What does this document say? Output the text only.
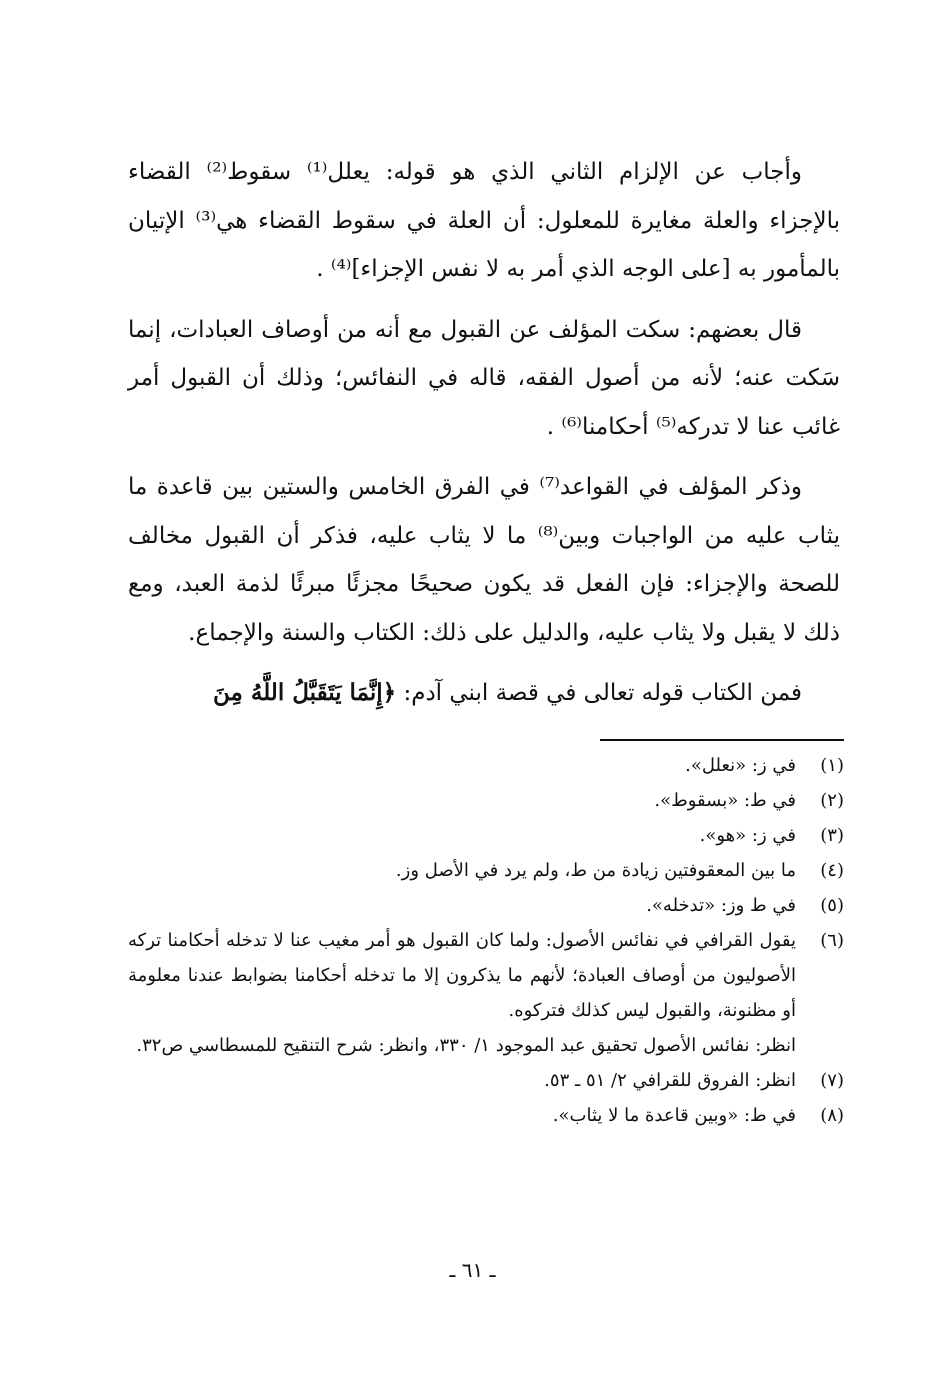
وأجاب عن الإلزام الثاني الذي هو قوله: يعلل⁽¹⁾ سقوط⁽²⁾ القضاء بالإجزاء والعلة مغايرة للمعلول: أن العلة في سقوط القضاء هي⁽³⁾ الإتيان بالمأمور به [على الوجه الذي أمر به لا نفس الإجزاء]⁽⁴⁾ .

قال بعضهم: سكت المؤلف عن القبول مع أنه من أوصاف العبادات، إنما سَكت عنه؛ لأنه من أصول الفقه، قاله في النفائس؛ وذلك أن القبول أمر غائب عنا لا تدركه⁽⁵⁾ أحكامنا⁽⁶⁾ .

وذكر المؤلف في القواعد⁽⁷⁾ في الفرق الخامس والستين بين قاعدة ما يثاب عليه من الواجبات وبين⁽⁸⁾ ما لا يثاب عليه، فذكر أن القبول مخالف للصحة والإجزاء: فإن الفعل قد يكون صحيحًا مجزئًا مبرئًا لذمة العبد، ومع ذلك لا يقبل ولا يثاب عليه، والدليل على ذلك: الكتاب والسنة والإجماع.

فمن الكتاب قوله تعالى في قصة ابني آدم: ﴿إِنَّمَا يَتَقَبَّلُ اللَّهُ مِنَ

(١)

في ز: «نعلل».

(٢)

في ط: «بسقوط».

(٣)

في ز: «هو».

(٤)

ما بين المعقوفتين زيادة من ط، ولم يرد في الأصل وز.

(٥)

في ط وز: «تدخله».

(٦)

يقول القرافي في نفائس الأصول: ولما كان القبول هو أمر مغيب عنا لا تدخله أحكامنا تركه الأصوليون من أوصاف العبادة؛ لأنهم ما يذكرون إلا ما تدخله أحكامنا بضوابط عندنا معلومة أو مظنونة، والقبول ليس كذلك فتركوه.

انظر: نفائس الأصول تحقيق عبد الموجود ١/ ٣٣٠، وانظر: شرح التنقيح للمسطاسي ص٣٢.

(٧)

انظر: الفروق للقرافي ٢/ ٥١ ـ ٥٣.

(٨)

في ط: «وبين قاعدة ما لا يثاب».

ـ ٦١ ـ
